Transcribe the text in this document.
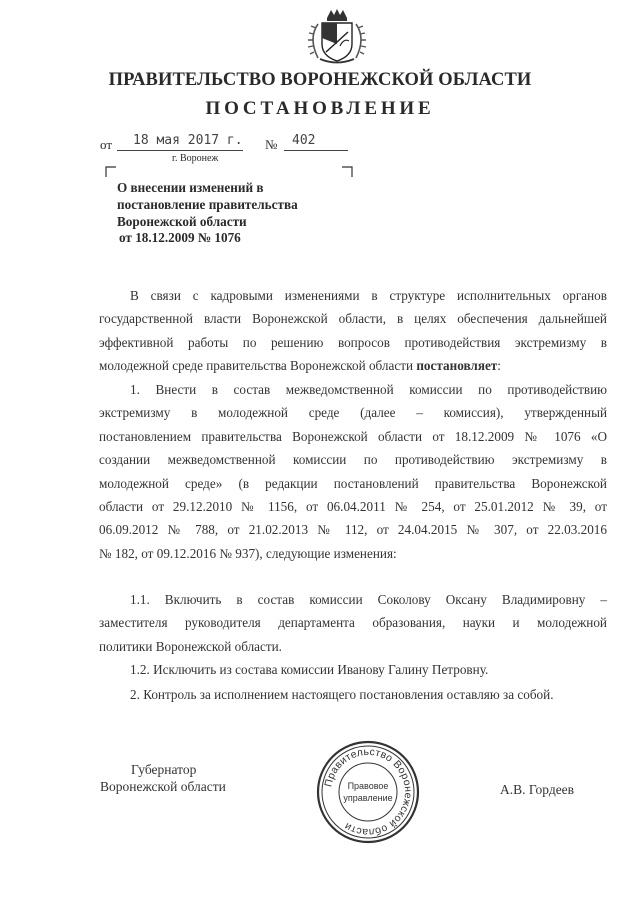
ПРАВИТЕЛЬСТВО ВОРОНЕЖСКОЙ ОБЛАСТИ
ПОСТАНОВЛЕНИЕ
от 18 мая 2017 г. № 402
г. Воронеж
О внесении изменений в
постановление правительства
Воронежской области
от 18.12.2009 № 1076
В связи с кадровыми изменениями в структуре исполнительных органов
государственной власти Воронежской области, в целях обеспечения дальнейшей
эффективной работы по решению вопросов противодействия экстремизму в
молодежной среде правительства Воронежской области постановляет:
1. Внести в состав межведомственной комиссии по противодействию
экстремизму в молодежной среде (далее – комиссия), утвержденный
постановлением правительства Воронежской области от 18.12.2009 № 1076 «О
создании межведомственной комиссии по противодействию экстремизму в
молодежной среде» (в редакции постановлений правительства Воронежской
области от 29.12.2010 № 1156, от 06.04.2011 № 254, от 25.01.2012 № 39, от
06.09.2012 № 788, от 21.02.2013 № 112, от 24.04.2015 № 307, от 22.03.2016
№ 182, от 09.12.2016 № 937), следующие изменения:
1.1. Включить в состав комиссии Соколову Оксану Владимировну –
заместителя руководителя департамента образования, науки и молодежной
политики Воронежской области.
1.2. Исключить из состава комиссии Иванову Галину Петровну.
2. Контроль за исполнением настоящего постановления оставляю за собой.
Губернатор
Воронежской области	А.В. Гордеев
Правительство Воронежской области
Правовое
управление
